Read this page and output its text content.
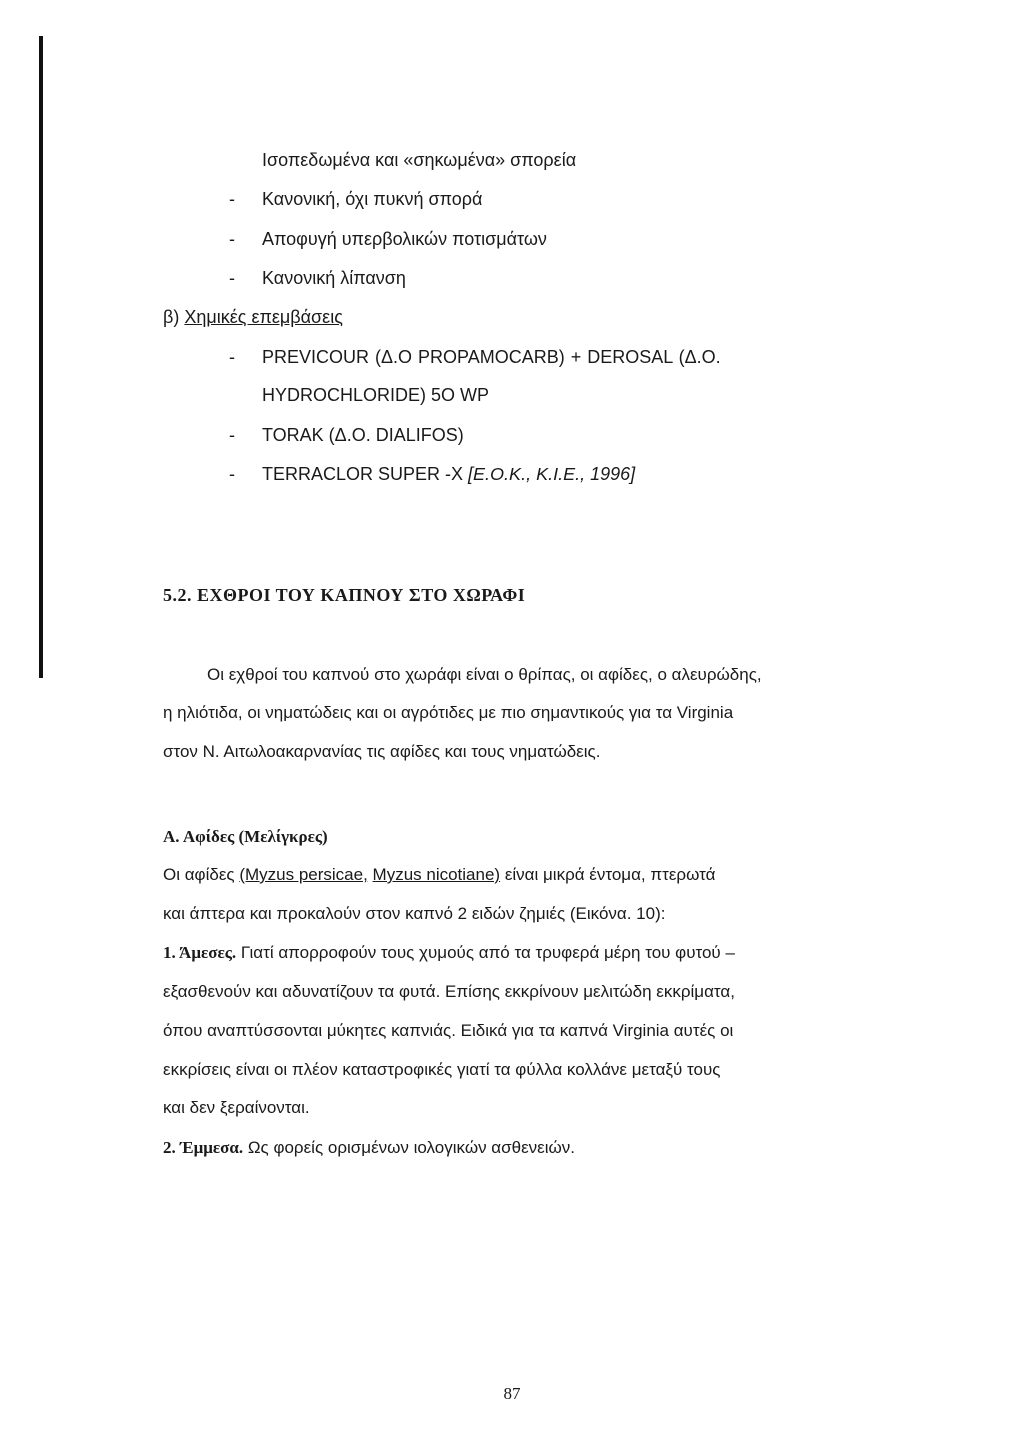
Ισοπεδωμένα και «σηκωμένα» σπορεία
- Κανονική, όχι πυκνή σπορά
- Αποφυγή υπερβολικών ποτισμάτων
- Κανονική λίπανση
β) Χημικές επεμβάσεις
- PREVICOUR (Δ.Ο PROPAMOCARB) + DEROSAL (Δ.Ο.
HYDROCHLORIDE) 5O WP
- TORAK (Δ.Ο. DIALIFOS)
- TERRACLOR SUPER -X [Ε.Ο.Κ., Κ.Ι.Ε., 1996]
5.2. ΕΧΘΡΟΙ ΤΟΥ ΚΑΠΝΟΥ ΣΤΟ ΧΩΡΑΦΙ
Οι εχθροί του καπνού στο χωράφι είναι ο θρίπας, οι αφίδες, ο αλευρώδης,
η ηλιότιδα, οι νηματώδεις και οι αγρότιδες με πιο σημαντικούς για τα Virginia
στον Ν. Αιτωλοακαρνανίας τις αφίδες και τους νηματώδεις.
Α. Αφίδες (Μελίγκρες)
Οι αφίδες (Myzus persicae, Myzus nicotiane) είναι μικρά έντομα, πτερωτά
και άπτερα και προκαλούν στον καπνό 2 ειδών ζημιές (Εικόνα. 10):
1. Άμεσες. Γιατί απορροφούν τους χυμούς από τα τρυφερά μέρη του φυτού –
εξασθενούν και αδυνατίζουν τα φυτά. Επίσης εκκρίνουν μελιτώδη εκκρίματα,
όπου αναπτύσσονται μύκητες καπνιάς. Ειδικά για τα καπνά Virginia αυτές οι
εκκρίσεις είναι οι πλέον καταστροφικές γιατί τα φύλλα κολλάνε μεταξύ τους
και δεν ξεραίνονται.
2. Έμμεσα. Ως φορείς ορισμένων ιολογικών ασθενειών.
87
